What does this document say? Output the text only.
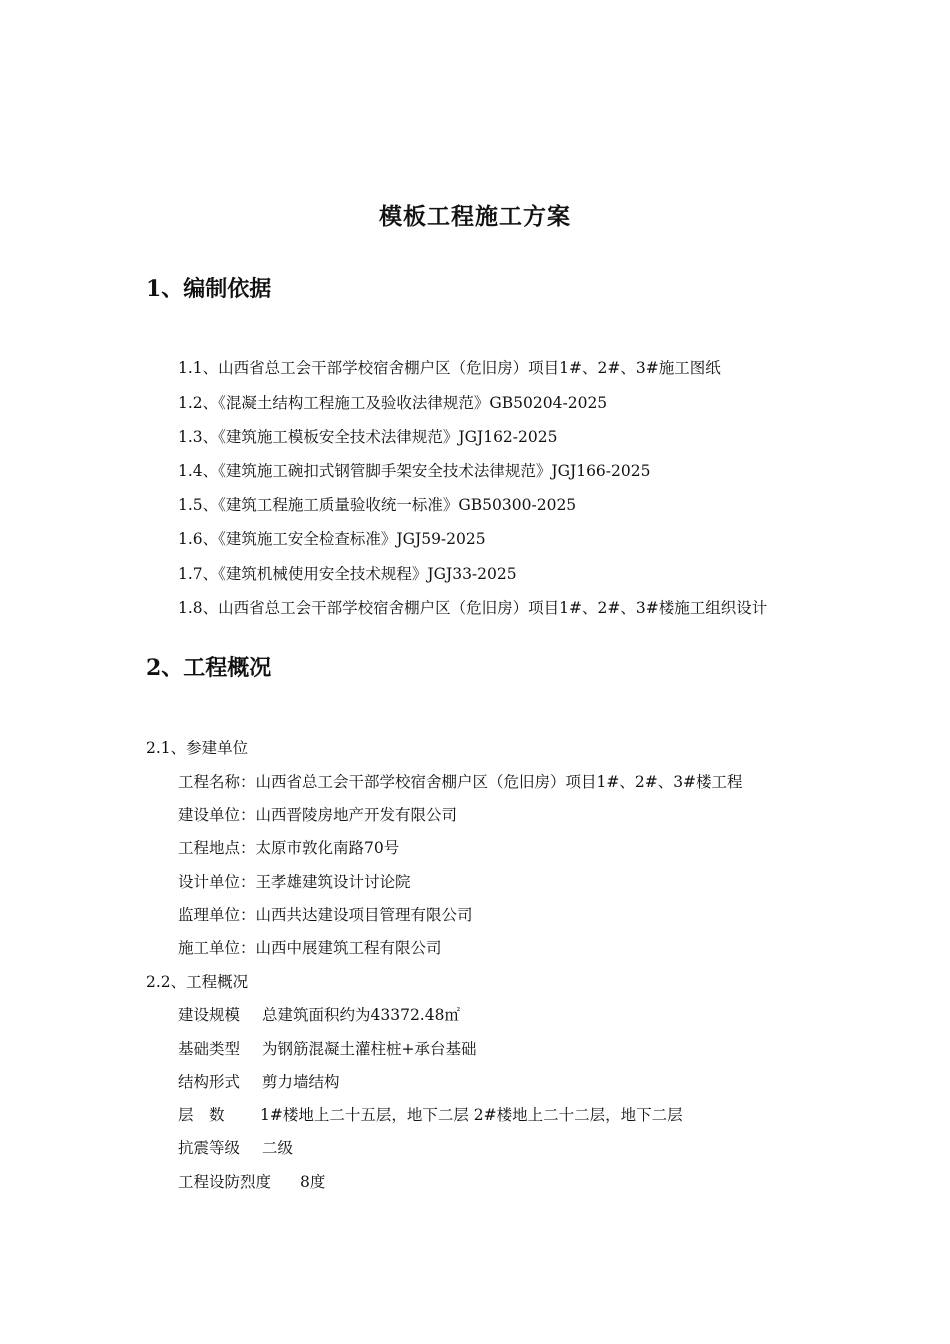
模板工程施工方案
1、编制依据
1.1、山西省总工会干部学校宿舍棚户区（危旧房）项目1#、2#、3#施工图纸
1.2、《混凝土结构工程施工及验收法律规范》GB50204-2025
1.3、《建筑施工模板安全技术法律规范》JGJ162-2025
1.4、《建筑施工碗扣式钢管脚手架安全技术法律规范》JGJ166-2025
1.5、《建筑工程施工质量验收统一标准》GB50300-2025
1.6、《建筑施工安全检查标准》JGJ59-2025
1.7、《建筑机械使用安全技术规程》JGJ33-2025
1.8、山西省总工会干部学校宿舍棚户区（危旧房）项目1#、2#、3#楼施工组织设计
2、工程概况
2.1、参建单位
工程名称：山西省总工会干部学校宿舍棚户区（危旧房）项目1#、2#、3#楼工程
建设单位：山西晋陵房地产开发有限公司
工程地点：太原市敦化南路70号
设计单位：王孝雄建筑设计讨论院
监理单位：山西共达建设项目管理有限公司
施工单位：山西中展建筑工程有限公司
2.2、工程概况
建设规模 总建筑面积约为43372.48㎡
基础类型 为钢筋混凝土灌柱桩+承台基础
结构形式 剪力墙结构
层　数 1#楼地上二十五层，地下二层 2#楼地上二十二层，地下二层
抗震等级 二级
工程设防烈度 8度
